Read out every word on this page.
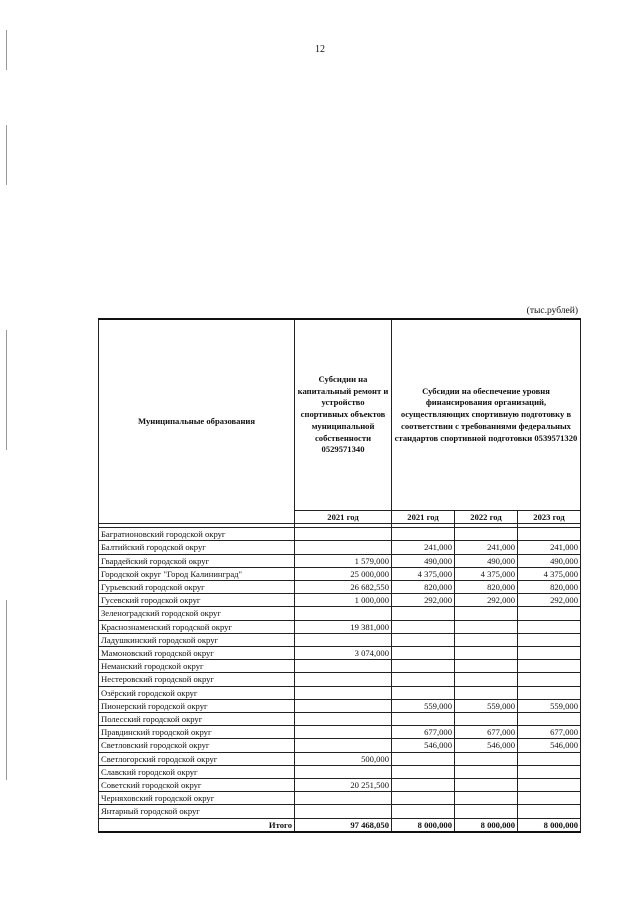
12
(тыс.рублей)
Муниципальные образования	Субсидии на капитальный ремонт и устройство спортивных объектов муниципальной собственности 0529571340	Субсидии на обеспечение уровня финансирования организаций, осуществляющих спортивную подготовку в соответствии с требованиями федеральных стандартов спортивной подготовки 0539571320		
	2021 год	2021 год	2022 год	2023 год

Багратионовский городской округ				
Балтийский городской округ		241,000	241,000	241,000
Гвардейский городской округ	1 579,000	490,000	490,000	490,000
Городской округ "Город Калининград"	25 000,000	4 375,000	4 375,000	4 375,000
Гурьевский городской округ	26 682,550	820,000	820,000	820,000
Гусевский городской округ	1 000,000	292,000	292,000	292,000
Зеленоградский городской округ				
Краснознаменский городской округ	19 381,000			
Ладушкинский городской округ				
Мамоновский городской округ	3 074,000			
Неманский городской округ				
Нестеровский городской округ				
Озёрский городской округ				
Пионерский городской округ		559,000	559,000	559,000
Полесский городской округ				
Правдинский городской округ		677,000	677,000	677,000
Светловский городской округ		546,000	546,000	546,000
Светлогорский городской округ	500,000			
Славский городской округ				
Советский городской округ	20 251,500			
Черняховский городской округ				
Янтарный городской округ				
Итого	97 468,050	8 000,000	8 000,000	8 000,000
